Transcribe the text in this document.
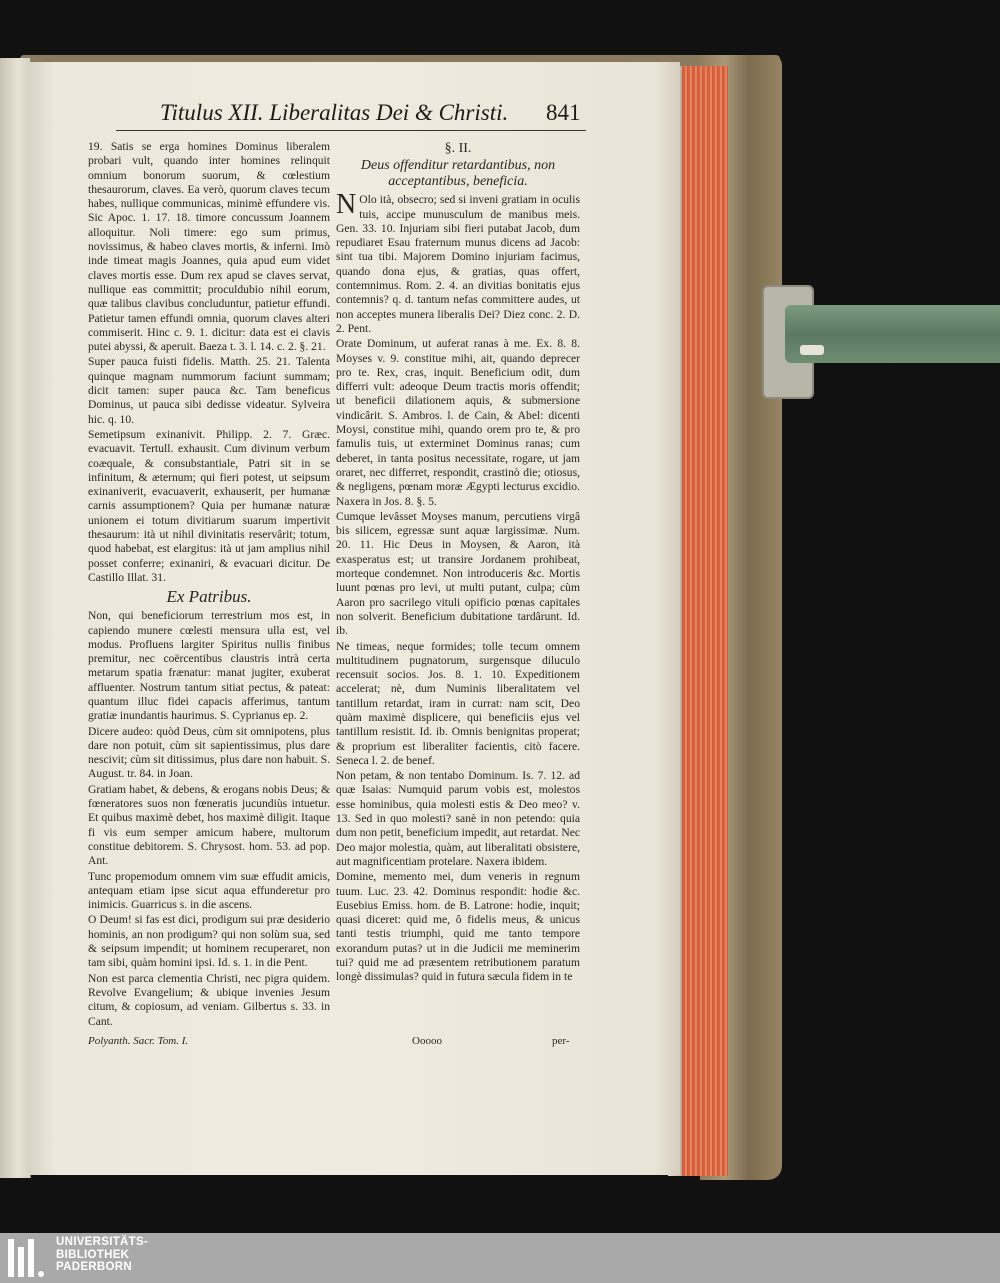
Titulus XII. Liberalitas Dei & Christi.	841

19. Satis se erga homines Dominus liberalem probari vult, quando inter homines relinquit omnium bonorum suorum, & cœlestium thesaurorum, claves. Ea verò, quorum claves tecum habes, nullique communicas, minimè effundere vis. Sic Apoc. 1. 17. 18. timore concussum Joannem alloquitur. Noli timere: ego sum primus, novissimus, & habeo claves mortis, & inferni. Imò inde timeat magis Joannes, quia apud eum videt claves mortis esse. Dum rex apud se claves servat, nullique eas committit; proculdubio nihil eorum, quæ talibus clavibus concluduntur, patietur effundi. Patietur tamen effundi omnia, quorum claves alteri commiserit. Hinc c. 9. 1. dicitur: data est ei clavis putei abyssi, & aperuit. Baeza t. 3. l. 14. c. 2. §. 21.

Super pauca fuisti fidelis. Matth. 25. 21. Talenta quinque magnam nummorum faciunt summam; dicit tamen: super pauca &c. Tam beneficus Dominus, ut pauca sibi dedisse videatur. Sylveira hic. q. 10.

Semetipsum exinanivit. Philipp. 2. 7. Græc. evacuavit. Tertull. exhausit. Cum divinum verbum coæquale, & consubstantiale, Patri sit in se infinitum, & æternum; qui fieri potest, ut seipsum exinaniverit, evacuaverit, exhauserit, per humanæ carnis assumptionem? Quia per humanæ naturæ unionem ei totum divitiarum suarum impertivit thesaurum: ità ut nihil divinitatis reservârit; totum, quod habebat, est elargitus: ità ut jam amplius nihil posset conferre; exinaniri, & evacuari dicitur. De Castillo Illat. 31.

Ex Patribus.

Non, qui beneficiorum terrestrium mos est, in capiendo munere cœlesti mensura ulla est, vel modus. Profluens largiter Spiritus nullis finibus premitur, nec coërcentibus claustris intrà certa metarum spatia frænatur: manat jugiter, exuberat affluenter. Nostrum tantum sitiat pectus, & pateat: quantum illuc fidei capacis afferimus, tantum gratiæ inundantis haurimus. S. Cyprianus ep. 2.

Dicere audeo: quòd Deus, cùm sit omnipotens, plus dare non potuit, cùm sit sapientissimus, plus dare nescivit; cùm sit ditissimus, plus dare non habuit. S. August. tr. 84. in Joan.

Gratiam habet, & debens, & erogans nobis Deus; & fœneratores suos non fœneratis jucundiùs intuetur. Et quibus maximè debet, hos maximè diligit. Itaque fi vis eum semper amicum habere, multorum constitue debitorem. S. Chrysost. hom. 53. ad pop. Ant.

Tunc propemodum omnem vim suæ effudit amicis, antequam etiam ipse sicut aqua effunderetur pro inimicis. Guarricus s. in die ascens.

O Deum! si fas est dici, prodigum sui præ desiderio hominis, an non prodigum? qui non solùm sua, sed & seipsum impendit; ut hominem recuperaret, non tam sibi, quàm homini ipsi. Id. s. 1. in die Pent.

Non est parca clementia Christi, nec pigra quidem. Revolve Evangelium; & ubique invenies Jesum citum, & copiosum, ad veniam. Gilbertus s. 33. in Cant.

§. II.
Deus offenditur retardantibus, non acceptantibus, beneficia.

N Olo ità, obsecro; sed si inveni gratiam in oculis tuis, accipe munusculum de manibus meis. Gen. 33. 10. Injuriam sibi fieri putabat Jacob, dum repudiaret Esau fraternum munus dicens ad Jacob: sint tua tibi. Majorem Domino injuriam facimus, quando dona ejus, & gratias, quas offert, contemnimus. Rom. 2. 4. an divitias bonitatis ejus contemnis? q. d. tantum nefas committere audes, ut non acceptes munera liberalis Dei? Diez conc. 2. D. 2. Pent.

Orate Dominum, ut auferat ranas à me. Ex. 8. 8. Moyses v. 9. constitue mihi, ait, quando deprecer pro te. Rex, cras, inquit. Beneficium odit, dum differri vult: adeoque Deum tractis moris offendit; ut beneficii dilationem aquis, & submersione vindicârit. S. Ambros. l. de Cain, & Abel: dicenti Moysi, constitue mihi, quando orem pro te, & pro famulis tuis, ut exterminet Dominus ranas; cum deberet, in tanta positus necessitate, rogare, ut jam oraret, nec differret, respondit, crastinò die; otiosus, & negligens, pœnam moræ Ægypti lecturus excidio. Naxera in Jos. 8. §. 5.

Cumque levâsset Moyses manum, percutiens virgâ bis silicem, egressæ sunt aquæ largissimæ. Num. 20. 11. Hic Deus in Moysen, & Aaron, ità exasperatus est; ut transire Jordanem prohibeat, morteque condemnet. Non introduceris &c. Mortis luunt pœnas pro levi, ut multi putant, culpa; cùm Aaron pro sacrilego vituli opificio pœnas capitales non solverit. Beneficium dubitatione tardârunt. Id. ib.

Ne timeas, neque formides; tolle tecum omnem multitudinem pugnatorum, surgensque diluculo recensuit socios. Jos. 8. 1. 10. Expeditionem accelerat; nè, dum Numinis liberalitatem vel tantillum retardat, iram in currat: nam scit, Deo quàm maximè displicere, qui beneficiis ejus vel tantillum resistit. Id. ib. Omnis benignitas properat; & proprium est liberaliter facientis, citò facere. Seneca l. 2. de benef.

Non petam, & non tentabo Dominum. Is. 7. 12. ad quæ Isaias: Numquid parum vobis est, molestos esse hominibus, quia molesti estis & Deo meo? v. 13. Sed in quo molesti? sanè in non petendo: quia dum non petit, beneficium impedit, aut retardat. Nec Deo major molestia, quàm, aut liberalitati obsistere, aut magnificentiam protelare. Naxera ibidem.

Domine, memento mei, dum veneris in regnum tuum. Luc. 23. 42. Dominus respondit: hodie &c. Eusebius Emiss. hom. de B. Latrone: hodie, inquit; quasi diceret: quid me, ô fidelis meus, & unicus tanti testis triumphi, quid me tanto tempore exorandum putas? ut in die Judicii me meminerim tui? quid me ad præsentem retributionem paratum longè dissimulas? quid in futura sæcula fidem in te

Polyanth. Sacr. Tom. I.	Ooooo	per-
UNIVERSITÄTS-
BIBLIOTHEK
PADERBORN
